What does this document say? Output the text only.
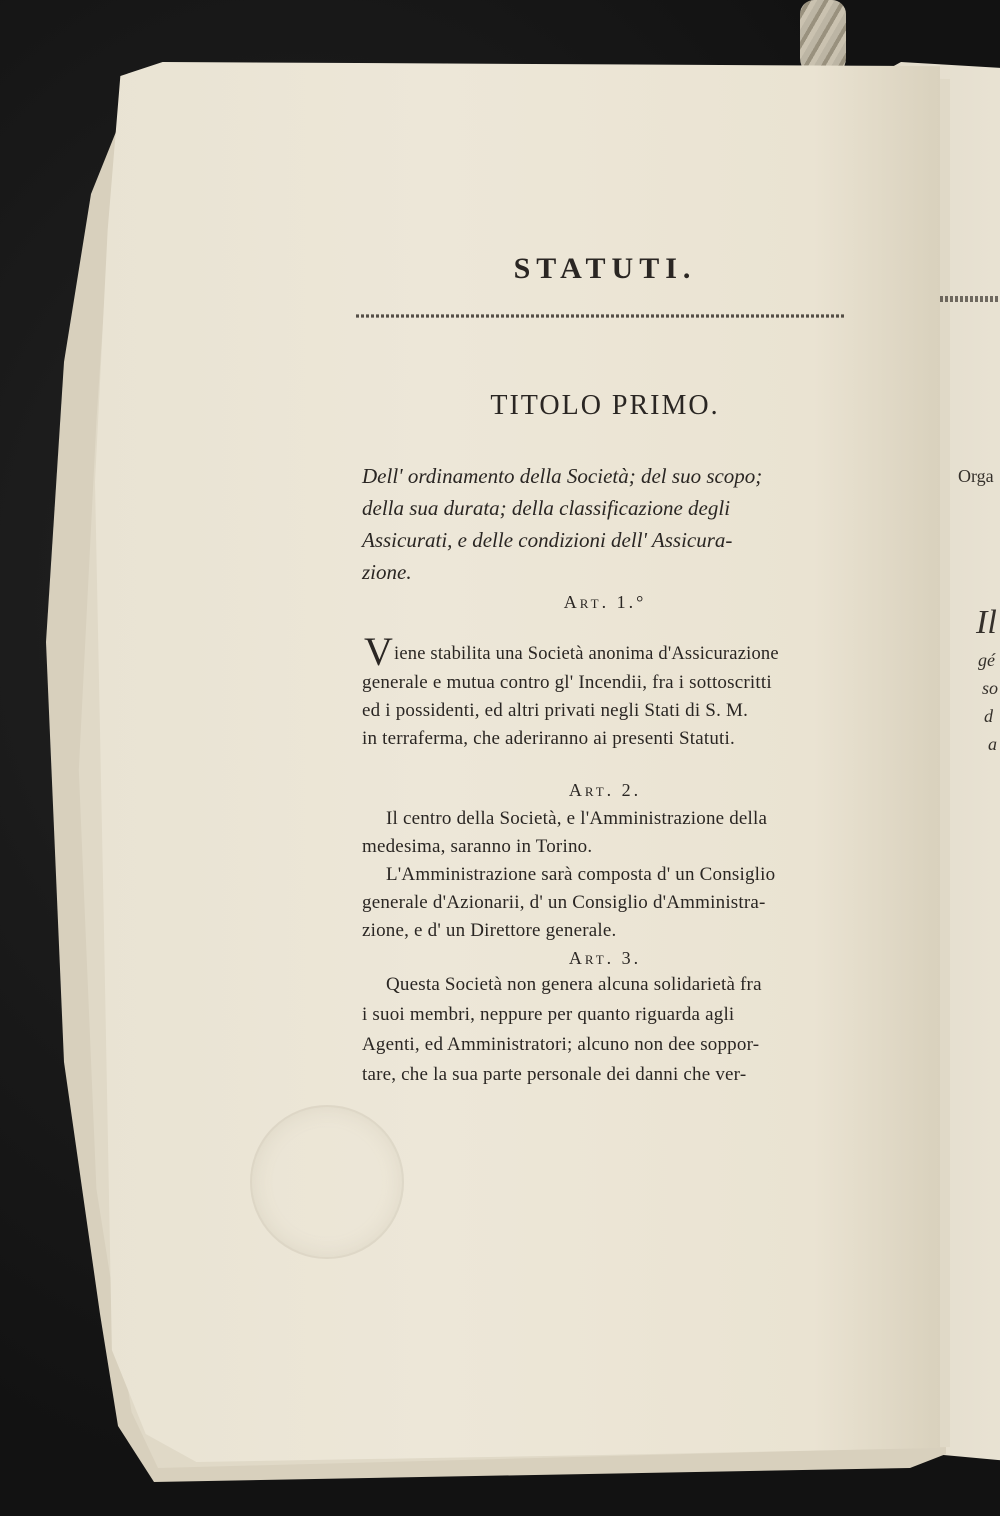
STATUTI.
TITOLO PRIMO.
Dell' ordinamento della Società; del suo scopo;
della sua durata; della classificazione degli
Assicurati, e delle condizioni dell' Assicura-
zione.
Art. 1.°
V iene stabilita una Società anonima d'Assicurazione
generale e mutua contro gl' Incendii, fra i sottoscritti
ed i possidenti, ed altri privati negli Stati di S. M.
in terraferma, che aderiranno ai presenti Statuti.
Art. 2.
Il centro della Società, e l'Amministrazione della
medesima, saranno in Torino.
L'Amministrazione sarà composta d' un Consiglio
generale d'Azionarii, d' un Consiglio d'Amministra-
zione, e d' un Direttore generale.
Art. 3.
Questa Società non genera alcuna solidarietà fra
i suoi membri, neppure per quanto riguarda agli
Agenti, ed Amministratori; alcuno non dee soppor-
tare, che la sua parte personale dei danni che ver-
Orga
Il
gé
so
d
a
